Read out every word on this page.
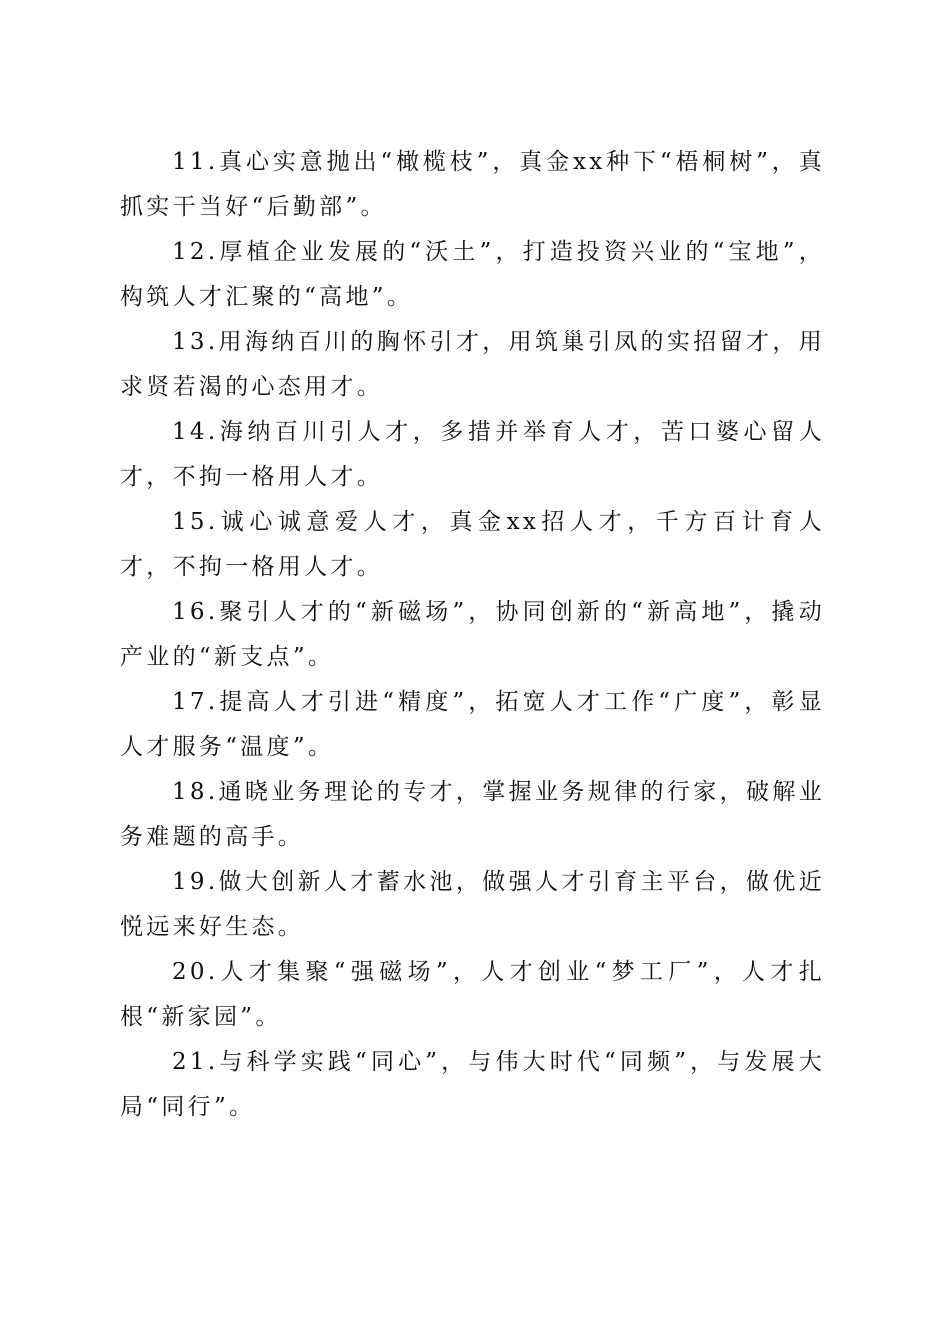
11.真心实意抛出“橄榄枝”，真金xx种下“梧桐树”，真抓实干当好“后勤部”。

12.厚植企业发展的“沃土”，打造投资兴业的“宝地”，构筑人才汇聚的“高地”。

13.用海纳百川的胸怀引才，用筑巢引凤的实招留才，用求贤若渴的心态用才。

14.海纳百川引人才，多措并举育人才，苦口婆心留人才，不拘一格用人才。

15.诚心诚意爱人才，真金xx招人才，千方百计育人才，不拘一格用人才。

16.聚引人才的“新磁场”，协同创新的“新高地”，撬动产业的“新支点”。

17.提高人才引进“精度”，拓宽人才工作“广度”，彰显人才服务“温度”。

18.通晓业务理论的专才，掌握业务规律的行家，破解业务难题的高手。

19.做大创新人才蓄水池，做强人才引育主平台，做优近悦远来好生态。

20.人才集聚“强磁场”，人才创业“梦工厂”，人才扎根“新家园”。

21.与科学实践“同心”，与伟大时代“同频”，与发展大局“同行”。
